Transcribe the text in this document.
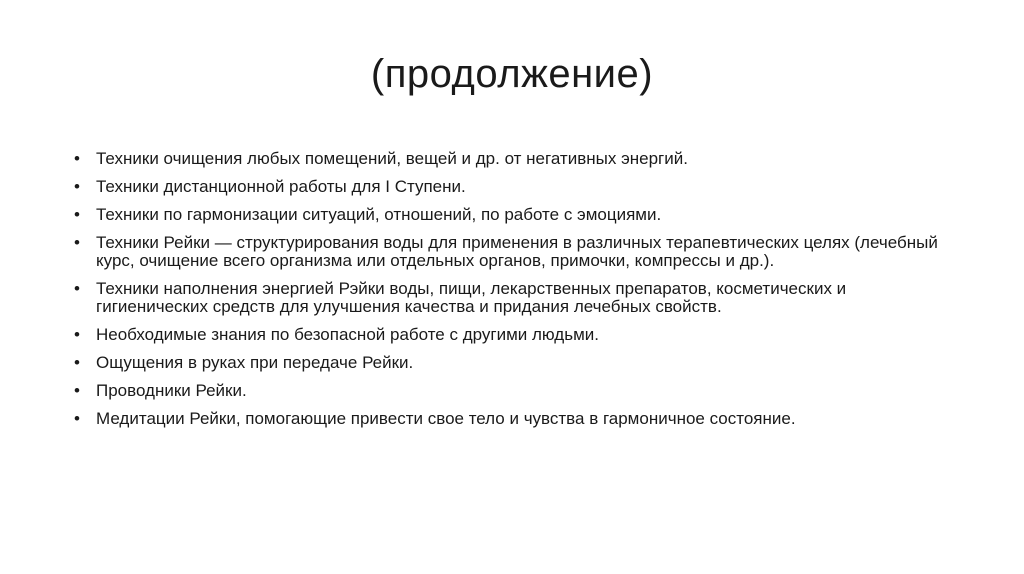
(продолжение)
• Техники очищения любых помещений, вещей и др. от негативных энергий.
• Техники дистанционной работы для I Ступени.
• Техники по гармонизации ситуаций, отношений, по работе с эмоциями.
• Техники Рейки — структурирования воды для применения в различных терапевтических целях (лечебный курс, очищение всего организма или отдельных органов, примочки, компрессы и др.).
• Техники наполнения энергией Рэйки воды, пищи, лекарственных препаратов, косметических и гигиенических средств для улучшения качества и придания лечебных свойств.
• Необходимые знания по безопасной работе с другими людьми.
• Ощущения в руках при передаче Рейки.
• Проводники Рейки.
• Медитации Рейки, помогающие привести свое тело и чувства в гармоничное состояние.
